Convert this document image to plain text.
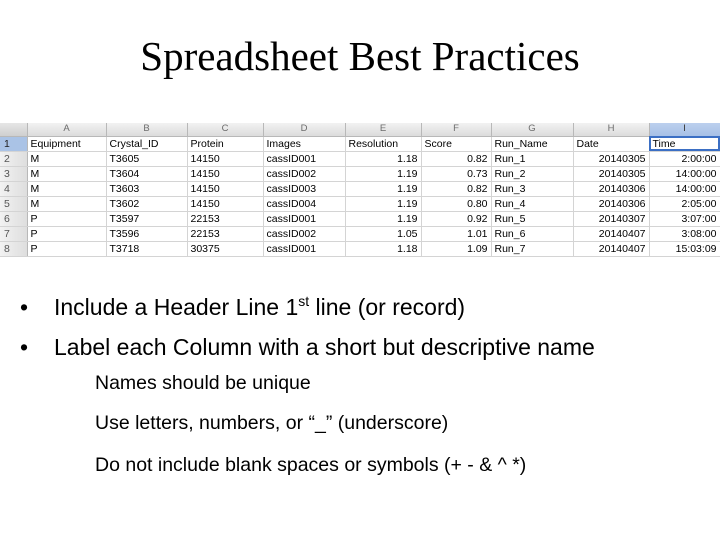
Spreadsheet Best Practices
	A	B	C	D	E	F	G	H	I
1	Equipment	Crystal_ID	Protein	Images	Resolution	Score	Run_Name	Date	Time
2	M	T3605	14150	cassID001	1.18	0.82	Run_1	20140305	2:00:00
3	M	T3604	14150	cassID002	1.19	0.73	Run_2	20140305	14:00:00
4	M	T3603	14150	cassID003	1.19	0.82	Run_3	20140306	14:00:00
5	M	T3602	14150	cassID004	1.19	0.80	Run_4	20140306	2:05:00
6	P	T3597	22153	cassID001	1.19	0.92	Run_5	20140307	3:07:00
7	P	T3596	22153	cassID002	1.05	1.01	Run_6	20140407	3:08:00
8	P	T3718	30375	cassID001	1.18	1.09	Run_7	20140407	15:03:09
• Include a Header Line 1st line (or record)
• Label each Column with a short but descriptive name
Names should be unique
Use letters, numbers, or “_” (underscore)
Do not include blank spaces or symbols (+ - & ^ *)
